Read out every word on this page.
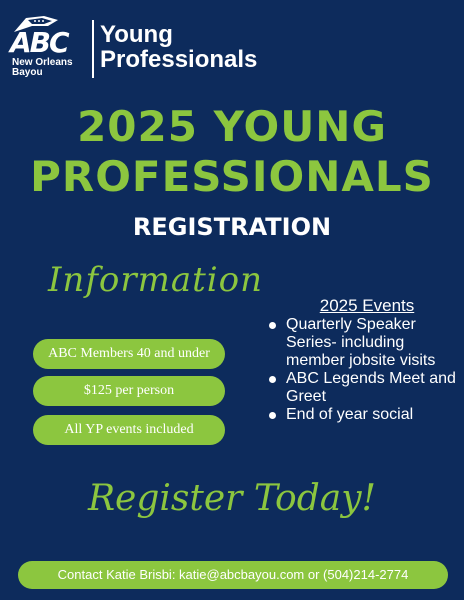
ABC
New Orleans
Bayou
Young
Professionals
2025 YOUNG
PROFESSIONALS
REGISTRATION
Information
ABC Members 40 and under
$125 per person
All YP events included
2025 Events
Quarterly Speaker Series- including member jobsite visits
ABC Legends Meet and Greet
End of year social
Register Today!
Contact Katie Brisbi: katie@abcbayou.com or (504)214-2774
